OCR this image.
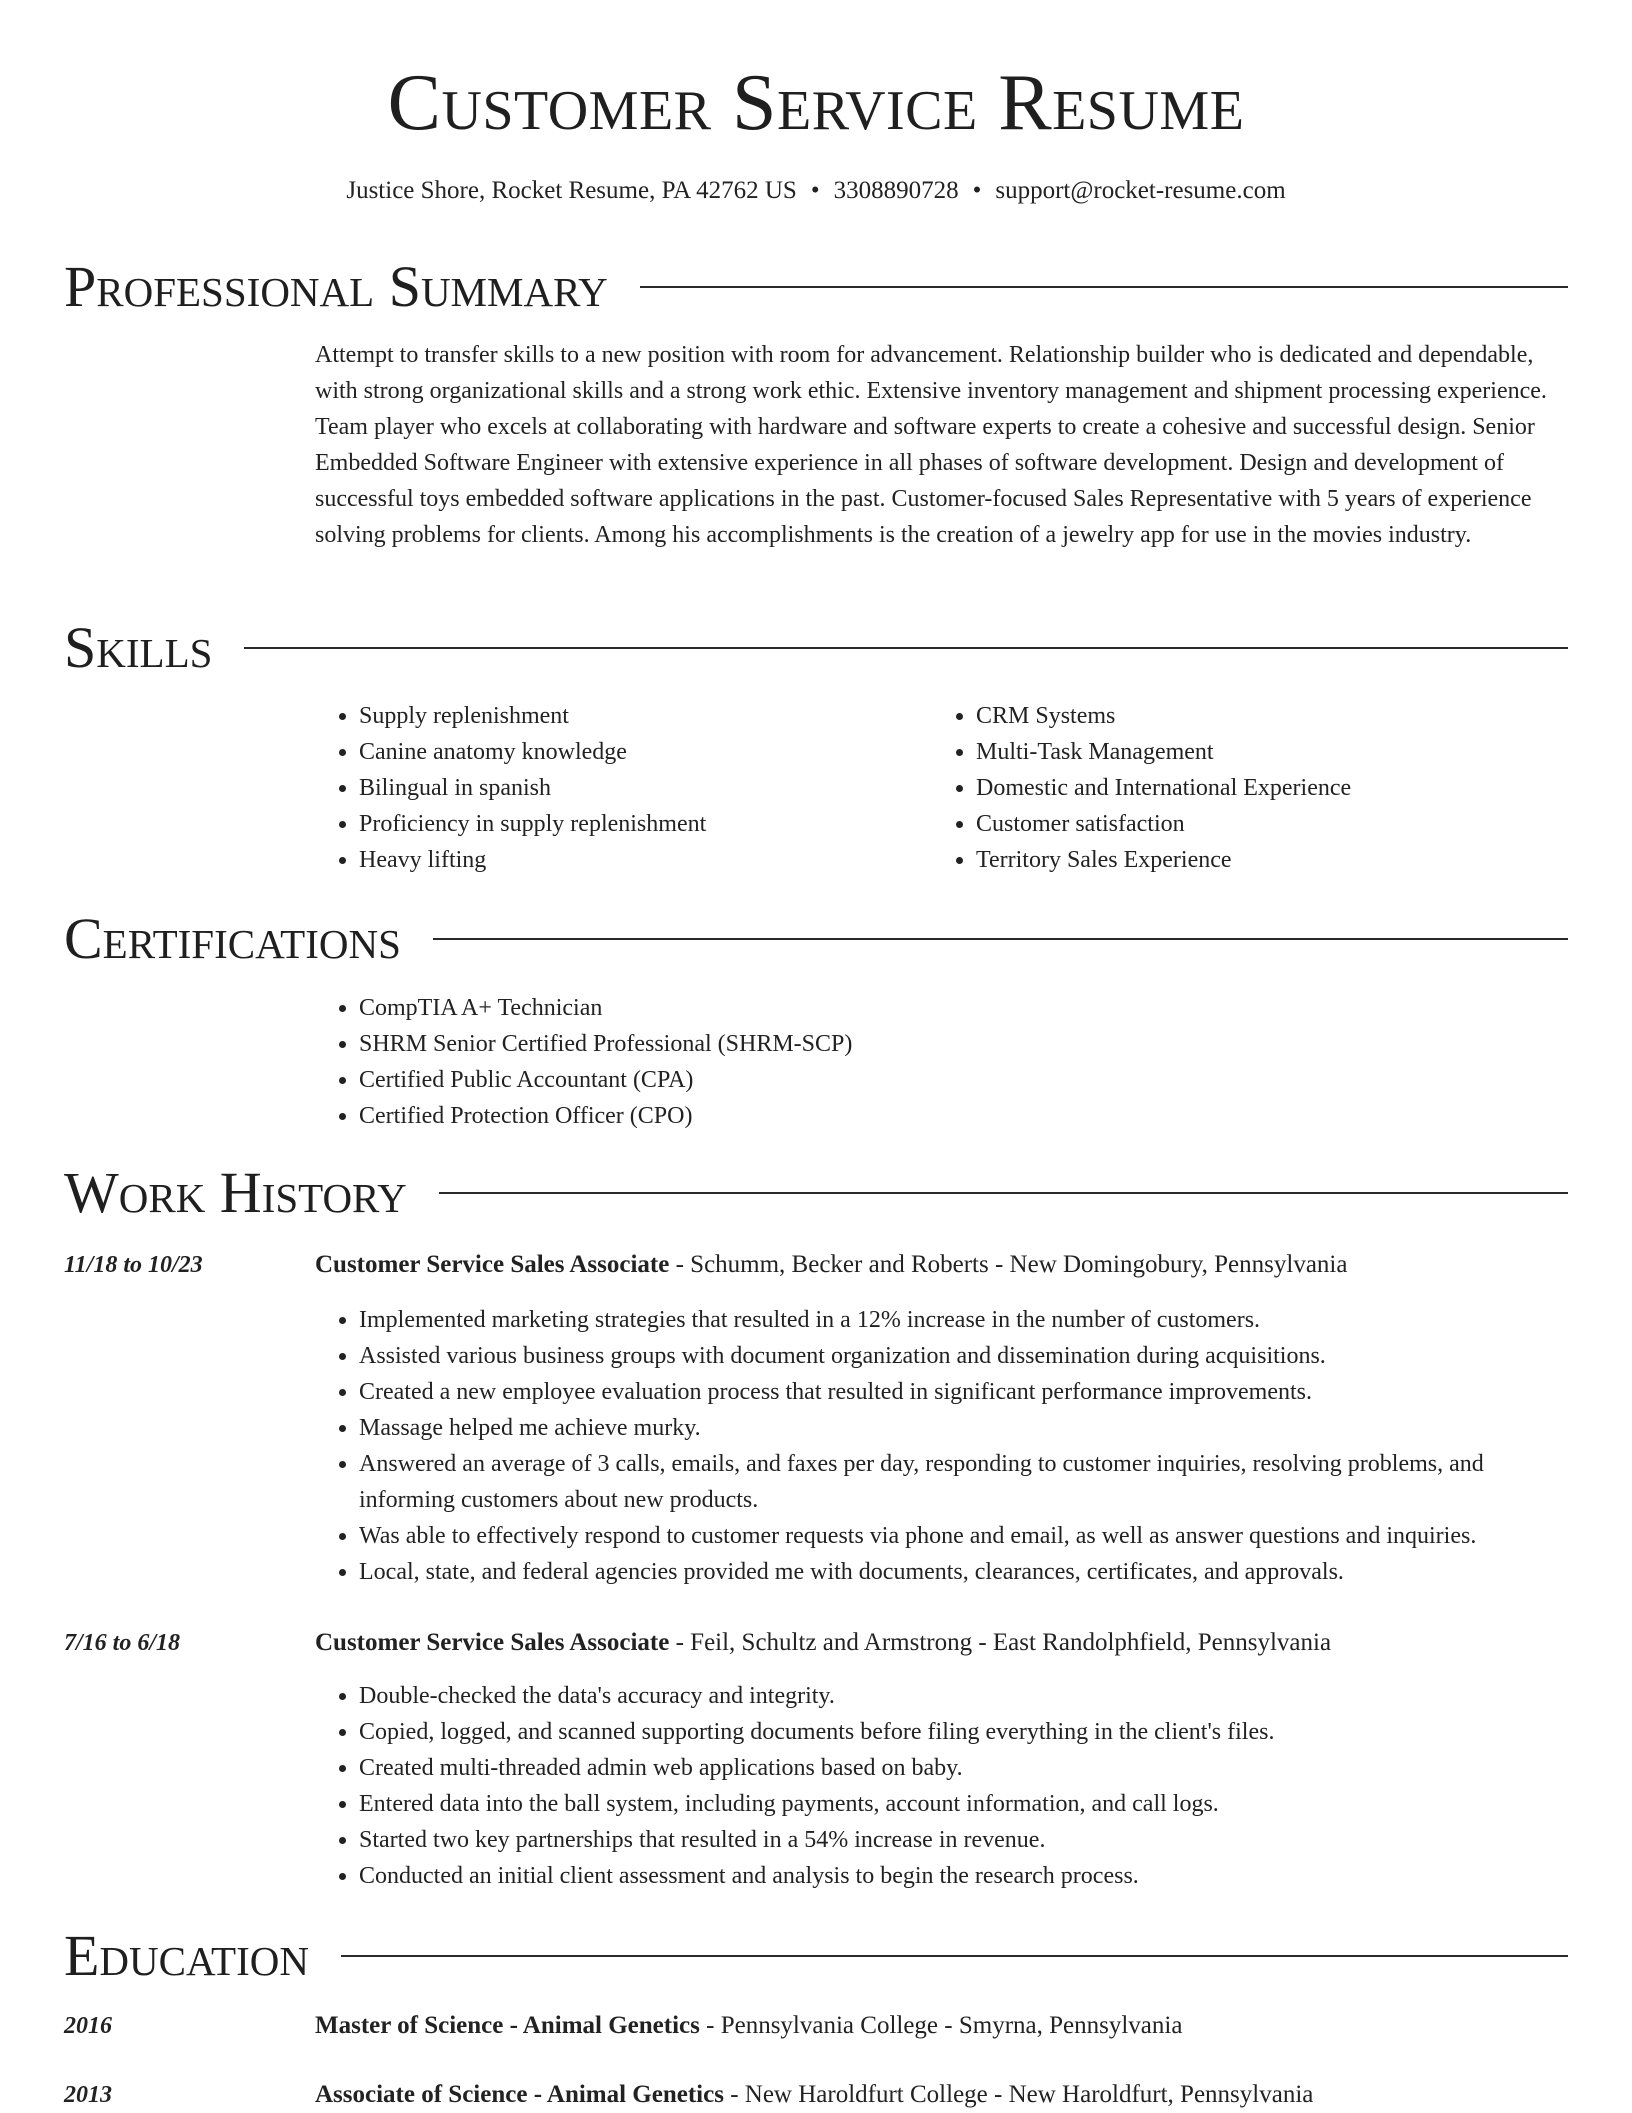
Customer Service Resume
Justice Shore, Rocket Resume, PA 42762 US • 3308890728 • support@rocket-resume.com
Professional Summary

Attempt to transfer skills to a new position with room for advancement. Relationship builder who is dedicated and dependable, with strong organizational skills and a strong work ethic. Extensive inventory management and shipment processing experience. Team player who excels at collaborating with hardware and software experts to create a cohesive and successful design. Senior Embedded Software Engineer with extensive experience in all phases of software development. Design and development of successful toys embedded software applications in the past. Customer-focused Sales Representative with 5 years of experience solving problems for clients. Among his accomplishments is the creation of a jewelry app for use in the movies industry.

Skills
• Supply replenishment
• Canine anatomy knowledge
• Bilingual in spanish
• Proficiency in supply replenishment
• Heavy lifting
• CRM Systems
• Multi-Task Management
• Domestic and International Experience
• Customer satisfaction
• Territory Sales Experience
Certifications
• CompTIA A+ Technician
• SHRM Senior Certified Professional (SHRM-SCP)
• Certified Public Accountant (CPA)
• Certified Protection Officer (CPO)
Work History
11/18 to 10/23	Customer Service Sales Associate - Schumm, Becker and Roberts - New Domingobury, Pennsylvania
• Implemented marketing strategies that resulted in a 12% increase in the number of customers.
• Assisted various business groups with document organization and dissemination during acquisitions.
• Created a new employee evaluation process that resulted in significant performance improvements.
• Massage helped me achieve murky.
• Answered an average of 3 calls, emails, and faxes per day, responding to customer inquiries, resolving problems, and informing customers about new products.
• Was able to effectively respond to customer requests via phone and email, as well as answer questions and inquiries.
• Local, state, and federal agencies provided me with documents, clearances, certificates, and approvals.
7/16 to 6/18	Customer Service Sales Associate - Feil, Schultz and Armstrong - East Randolphfield, Pennsylvania
• Double-checked the data's accuracy and integrity.
• Copied, logged, and scanned supporting documents before filing everything in the client's files.
• Created multi-threaded admin web applications based on baby.
• Entered data into the ball system, including payments, account information, and call logs.
• Started two key partnerships that resulted in a 54% increase in revenue.
• Conducted an initial client assessment and analysis to begin the research process.
Education
2016	Master of Science - Animal Genetics - Pennsylvania College - Smyrna, Pennsylvania
2013	Associate of Science - Animal Genetics - New Haroldfurt College - New Haroldfurt, Pennsylvania
